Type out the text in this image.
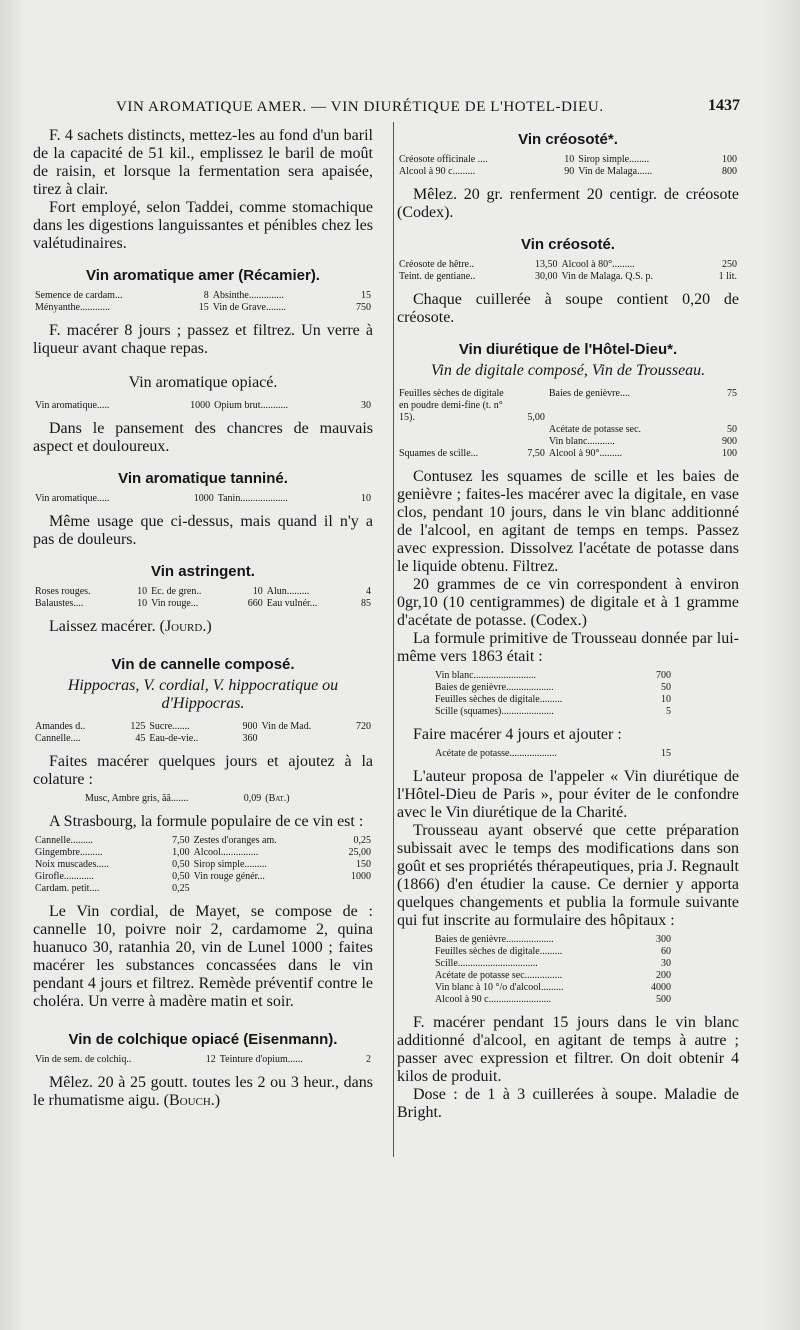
VIN AROMATIQUE AMER. — VIN DIURÉTIQUE DE L'HOTEL-DIEU.	1437

F. 4 sachets distincts, mettez-les au fond d'un baril de la capacité de 51 kil., emplissez le baril de moût de raisin, et lorsque la fermentation sera apaisée, tirez à clair.

Fort employé, selon Taddei, comme stomachique dans les digestions languissantes et pénibles chez les valétudinaires.

Vin aromatique amer (Récamier).
Semence de cardam...	8	Absinthe..............	15
Ményanthe............	15	Vin de Grave........	750

F. macérer 8 jours ; passez et filtrez. Un verre à liqueur avant chaque repas.

Vin aromatique opiacé.
Vin aromatique.....	1000	Opium brut...........	30

Dans le pansement des chancres de mauvais aspect et douloureux.

Vin aromatique tanniné.
Vin aromatique.....	1000	Tanin...................	10

Même usage que ci-dessus, mais quand il n'y a pas de douleurs.

Vin astringent.
Roses rouges.	10	Ec. de gren..	10	Alun.........	4
Balaustes....	10	Vin rouge...	660	Eau vulnér...	85

Laissez macérer. (Jourd.)

Vin de cannelle composé.
Hippocras, V. cordial, V. hippocratique ou d'Hippocras.
Amandes d..	125	Sucre.......	900	Vin de Mad.	720
Cannelle....	45	Eau-de-vie..	360		

Faites macérer quelques jours et ajoutez à la colature :

Musc, Ambre gris, ãã.......	0,09	(Bat.)

A Strasbourg, la formule populaire de ce vin est :

Cannelle.........	7,50	Zestes d'oranges am.	0,25
Gingembre.........	1,00	Alcool...............	25,00
Noix muscades.....	0,50	Sirop simple.........	150
Girofle............	0,50	Vin rouge génér...	1000
Cardam. petit....	0,25		

Le Vin cordial, de Mayet, se compose de : cannelle 10, poivre noir 2, cardamome 2, quina huanuco 30, ratanhia 20, vin de Lunel 1000 ; faites macérer les substances concassées dans le vin pendant 4 jours et filtrez. Remède préventif contre le choléra. Un verre à madère matin et soir.

Vin de colchique opiacé (Eisenmann).
Vin de sem. de colchiq..	12	Teinture d'opium......	2

Mêlez. 20 à 25 goutt. toutes les 2 ou 3 heur., dans le rhumatisme aigu. (Bouch.)

Vin créosoté*.
Créosote officinale ....	10	Sirop simple........	100
Alcool à 90 c.........	90	Vin de Malaga......	800

Mêlez. 20 gr. renferment 20 centigr. de créosote (Codex).

Vin créosoté.
Créosote de hêtre..	13,50	Alcool à 80°.........	250
Teint. de gentiane..	30,00	Vin de Malaga. Q.S. p.	1 lit.

Chaque cuillerée à soupe contient 0,20 de créosote.

Vin diurétique de l'Hôtel-Dieu*.
Vin de digitale composé, Vin de Trousseau.
Feuilles sèches de digitale en poudre demi-fine (t. n° 15).	5,00	Baies de genièvre....	75
		Acétate de potasse sec.	50
		Vin blanc...........	900
Squames de scille...	7,50	Alcool à 90°.........	100

Contusez les squames de scille et les baies de genièvre ; faites-les macérer avec la digitale, en vase clos, pendant 10 jours, dans le vin blanc additionné de l'alcool, en agitant de temps en temps. Passez avec expression. Dissolvez l'acétate de potasse dans le liquide obtenu. Filtrez.

20 grammes de ce vin correspondent à environ 0gr,10 (10 centigrammes) de digitale et à 1 gramme d'acétate de potasse. (Codex.)

La formule primitive de Trousseau donnée par lui-même vers 1863 était :

Vin blanc.........................	700
Baies de genièvre...................	50
Feuilles sèches de digitale.........	10
Scille (squames).....................	5

Faire macérer 4 jours et ajouter :

Acétate de potasse...................	15

L'auteur proposa de l'appeler « Vin diurétique de l'Hôtel-Dieu de Paris », pour éviter de le confondre avec le Vin diurétique de la Charité.

Trousseau ayant observé que cette préparation subissait avec le temps des modifications dans son goût et ses propriétés thérapeutiques, pria J. Regnault (1866) d'en étudier la cause. Ce dernier y apporta quelques changements et publia la formule suivante qui fut inscrite au formulaire des hôpitaux :

Baies de genièvre...................	300
Feuilles sèches de digitale.........	60
Scille................................	30
Acétate de potasse sec...............	200
Vin blanc à 10 °/o d'alcool.........	4000
Alcool à 90 c.........................	500

F. macérer pendant 15 jours dans le vin blanc additionné d'alcool, en agitant de temps à autre ; passer avec expression et filtrer. On doit obtenir 4 kilos de produit.

Dose : de 1 à 3 cuillerées à soupe. Maladie de Bright.
